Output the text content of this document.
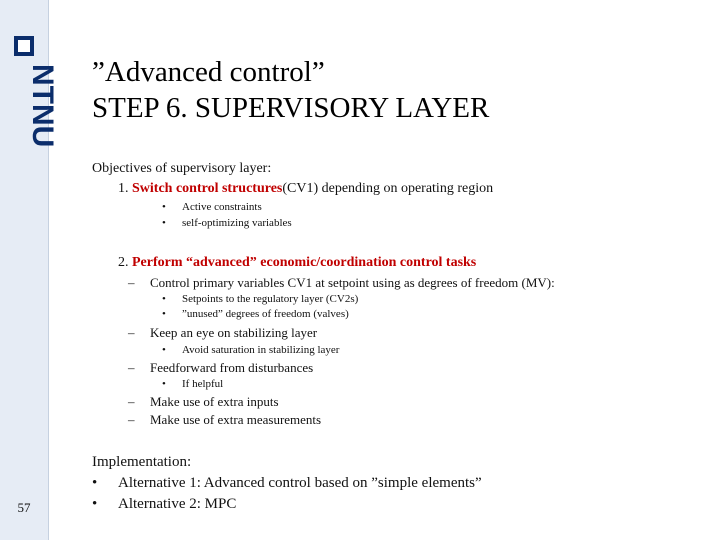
NTNU
57
”Advanced control”
STEP 6. SUPERVISORY LAYER
Objectives of supervisory layer:
1. Switch control structures(CV1) depending on operating region
• Active constraints
• self-optimizing variables
2. Perform “advanced” economic/coordination control tasks
– Control primary variables CV1 at setpoint using as degrees of freedom (MV):
• Setpoints to the regulatory layer (CV2s)
• ”unused” degrees of freedom (valves)
– Keep an eye on stabilizing layer
• Avoid saturation in stabilizing layer
– Feedforward from disturbances
• If helpful
– Make use of extra inputs
– Make use of extra measurements
Implementation:
• Alternative 1: Advanced control based on ”simple elements”
• Alternative 2: MPC
